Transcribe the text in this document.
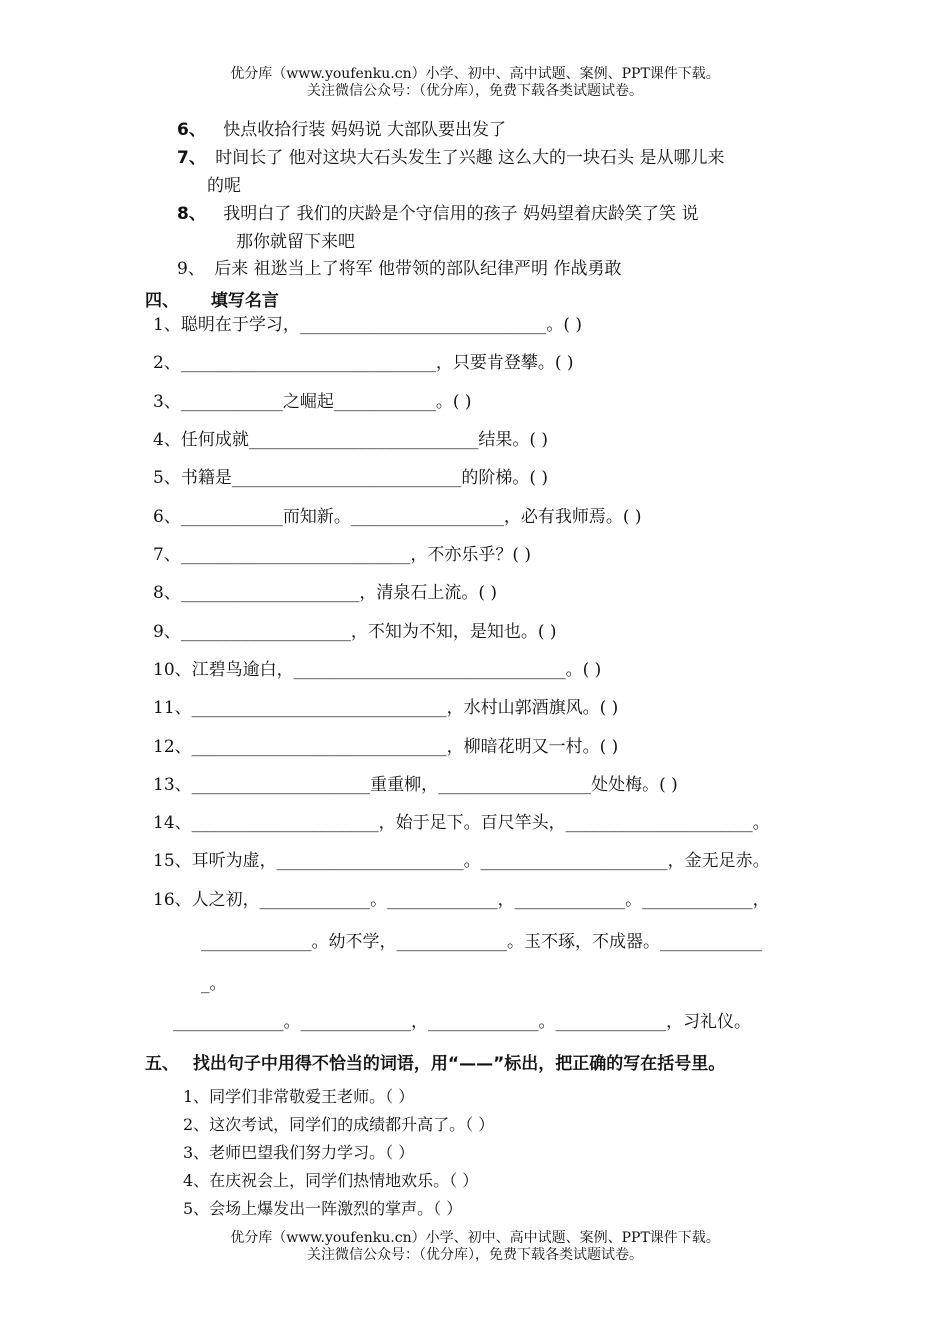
优分库（www.youfenku.cn）小学、初中、高中试题、案例、PPT课件下载。
关注微信公众号：（优分库），免费下载各类试题试卷。
6、 快点收拾行装 妈妈说 大部队要出发了
7、 时间长了 他对这块大石头发生了兴趣 这么大的一块石头 是从哪儿来
的呢
8、 我明白了 我们的庆龄是个守信用的孩子 妈妈望着庆龄笑了笑 说
那你就留下来吧
9、 后来 祖逖当上了将军 他带领的部队纪律严明 作战勇敢
四、 填写名言
1、聪明在于学习，_____________________________。( )
2、______________________________，只要肯登攀。( )
3、____________之崛起____________。( )
4、任何成就___________________________结果。( )
5、书籍是___________________________的阶梯。( )
6、____________而知新。__________________，必有我师焉。( )
7、___________________________，不亦乐乎？( )
8、_____________________，清泉石上流。( )
9、____________________，不知为不知，是知也。( )
10、江碧鸟逾白，________________________________。( )
11、______________________________，水村山郭酒旗风。( )
12、______________________________，柳暗花明又一村。( )
13、_____________________重重柳，__________________处处梅。( )
14、______________________，始于足下。百尺竿头，______________________。
15、耳听为虚，______________________。______________________，金无足赤。
16、人之初，_____________。_____________，_____________。_____________，
_____________。幼不学，_____________。玉不琢，不成器。____________
_。
_____________。_____________，_____________。_____________，习礼仪。
五、 找出句子中用得不恰当的词语，用“——”标出，把正确的写在括号里。
1、同学们非常敬爱王老师。（ ）
2、这次考试，同学们的成绩都升高了。（ ）
3、老师巴望我们努力学习。（ ）
4、在庆祝会上，同学们热情地欢乐。（ ）
5、会场上爆发出一阵激烈的掌声。（ ）
优分库（www.youfenku.cn）小学、初中、高中试题、案例、PPT课件下载。
关注微信公众号：（优分库），免费下载各类试题试卷。
